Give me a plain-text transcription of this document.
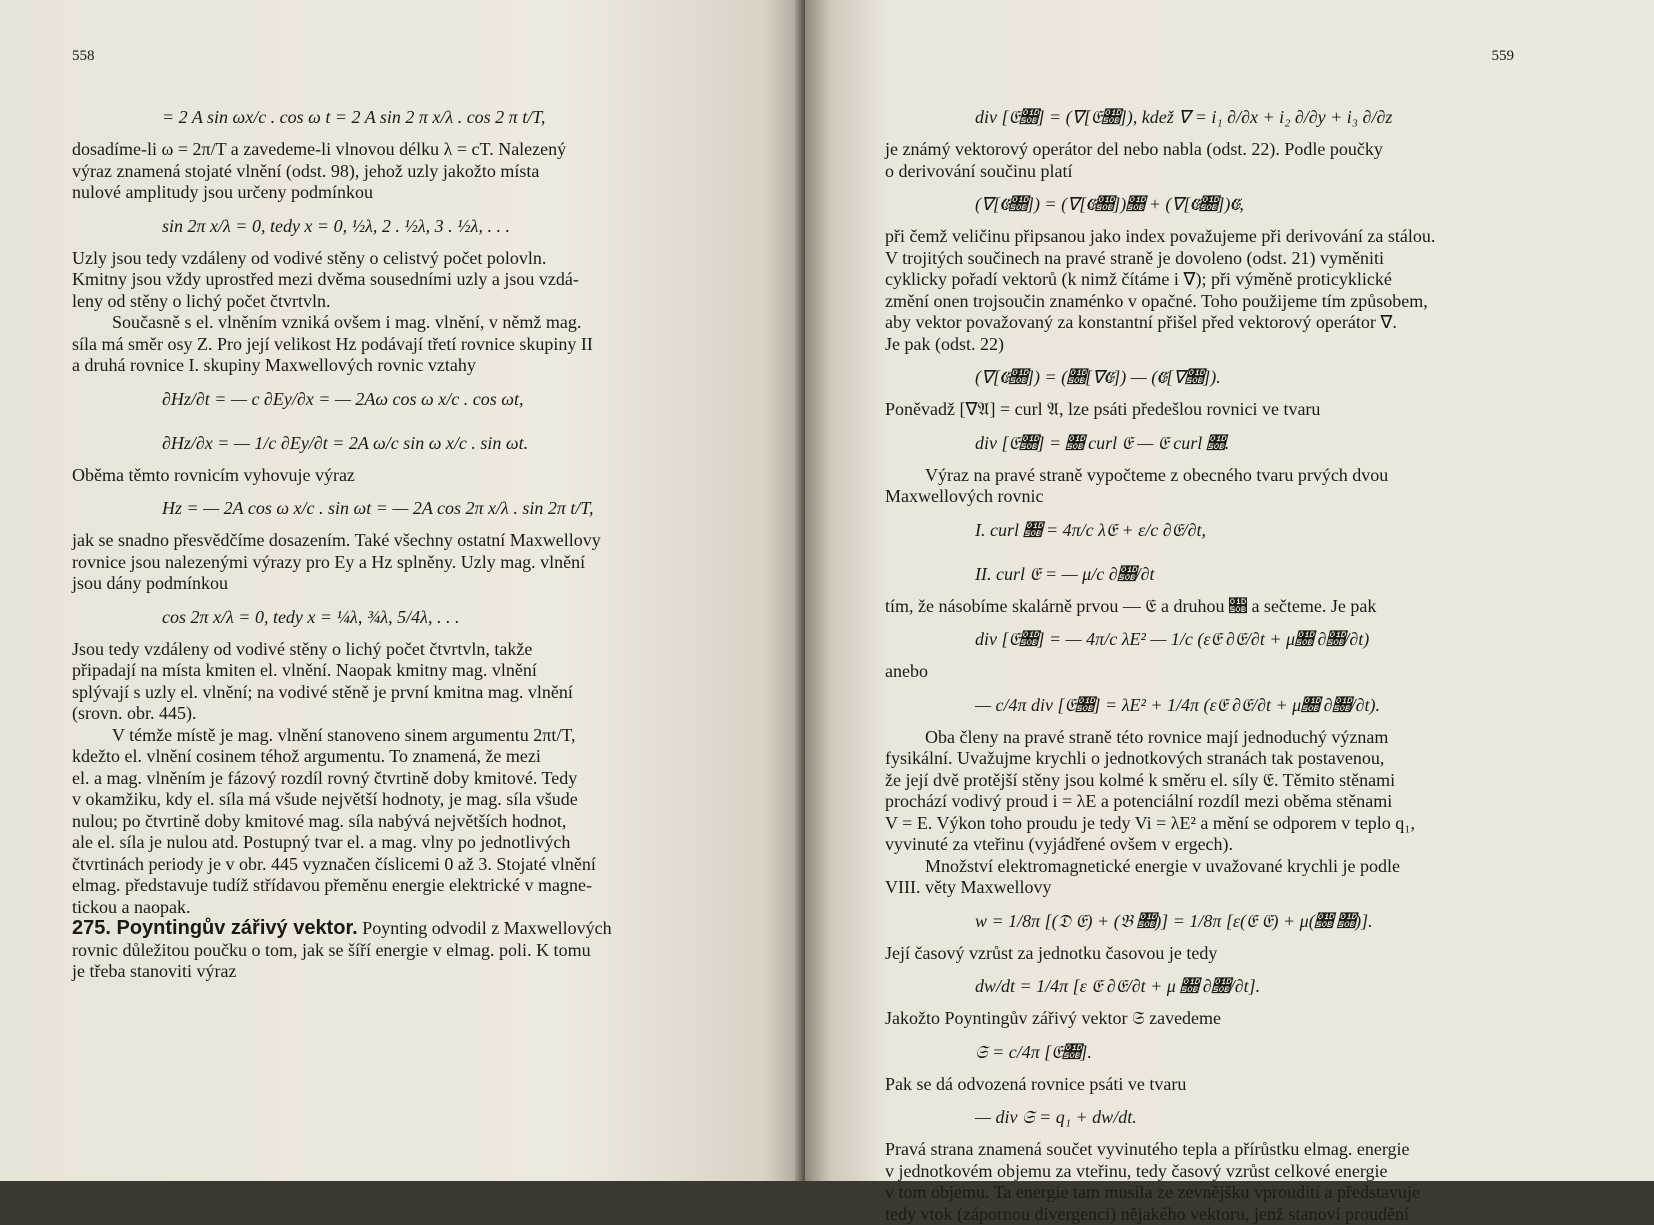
558
= 2 A sin ωx/c . cos ω t = 2 A sin 2 π x/λ . cos 2 π t/T,
dosadíme-li ω = 2π/T a zavedeme-li vlnovou délku λ = cT. Nalezený
výraz znamená stojaté vlnění (odst. 98), jehož uzly jakožto místa
nulové amplitudy jsou určeny podmínkou
sin 2π x/λ = 0, tedy x = 0, ½λ, 2 . ½λ, 3 . ½λ, . . .
Uzly jsou tedy vzdáleny od vodivé stěny o celistvý počet polovln.
Kmitny jsou vždy uprostřed mezi dvěma sousedními uzly a jsou vzdá-
leny od stěny o lichý počet čtvrtvln.
Současně s el. vlněním vzniká ovšem i mag. vlnění, v němž mag.
síla má směr osy Z. Pro její velikost Hz podávají třetí rovnice skupiny II
a druhá rovnice I. skupiny Maxwellových rovnic vztahy
∂Hz/∂t = — c ∂Ey/∂x = — 2Aω cos ω x/c . cos ωt,
∂Hz/∂x = — 1/c ∂Ey/∂t = 2A ω/c sin ω x/c . sin ωt.
Oběma těmto rovnicím vyhovuje výraz
Hz = — 2A cos ω x/c . sin ωt = — 2A cos 2π x/λ . sin 2π t/T,
jak se snadno přesvědčíme dosazením. Také všechny ostatní Maxwellovy
rovnice jsou nalezenými výrazy pro Ey a Hz splněny. Uzly mag. vlnění
jsou dány podmínkou
cos 2π x/λ = 0, tedy x = ¼λ, ¾λ, 5/4λ, . . .
Jsou tedy vzdáleny od vodivé stěny o lichý počet čtvrtvln, takže
připadají na místa kmiten el. vlnění. Naopak kmitny mag. vlnění
splývají s uzly el. vlnění; na vodivé stěně je první kmitna mag. vlnění
(srovn. obr. 445).
V témže místě je mag. vlnění stanoveno sinem argumentu 2πt/T,
kdežto el. vlnění cosinem téhož argumentu. To znamená, že mezi
el. a mag. vlněním je fázový rozdíl rovný čtvrtině doby kmitové. Tedy
v okamžiku, kdy el. síla má všude největší hodnoty, je mag. síla všude
nulou; po čtvrtině doby kmitové mag. síla nabývá největších hodnot,
ale el. síla je nulou atd. Postupný tvar el. a mag. vlny po jednotlivých
čtvrtinách periody je v obr. 445 vyznačen číslicemi 0 až 3. Stojaté vlnění
elmag. představuje tudíž střídavou přeměnu energie elektrické v magne-
tickou a naopak.
275. Poyntingův zářivý vektor. Poynting odvodil z Maxwellových
rovnic důležitou poučku o tom, jak se šíří energie v elmag. poli. K tomu
je třeba stanoviti výraz
559
div [𝔈𝔋] = (∇[𝔈𝔋]), kdež ∇ = i₁ ∂/∂x + i₂ ∂/∂y + i₃ ∂/∂z
je známý vektorový operátor del nebo nabla (odst. 22). Podle poučky
o derivování součinu platí
(∇[𝔈𝔋]) = (∇[𝔈𝔋])𝔋 + (∇[𝔈𝔋])𝔈,
při čemž veličinu připsanou jako index považujeme při derivování za stálou.
V trojitých součinech na pravé straně je dovoleno (odst. 21) vyměniti
cyklicky pořadí vektorů (k nimž čítáme i ∇); při výměně proticyklické
změní onen trojsoučin znaménko v opačné. Toho použijeme tím způsobem,
aby vektor považovaný za konstantní přišel před vektorový operátor ∇.
Je pak (odst. 22)
(∇[𝔈𝔋]) = (𝔋[∇𝔈]) — (𝔈[∇𝔋]).
Poněvadž [∇𝔄] = curl 𝔄, lze psáti předešlou rovnici ve tvaru
div [𝔈𝔋] = 𝔋 curl 𝔈 — 𝔈 curl 𝔋.
Výraz na pravé straně vypočteme z obecného tvaru prvých dvou
Maxwellových rovnic
I. curl 𝔋 = 4π/c λ𝔈 + ε/c ∂𝔈/∂t,
II. curl 𝔈 = — μ/c ∂𝔋/∂t
tím, že násobíme skalárně prvou — 𝔈 a druhou 𝔋 a sečteme. Je pak
div [𝔈𝔋] = — 4π/c λE² — 1/c (ε𝔈 ∂𝔈/∂t + μ𝔋 ∂𝔋/∂t)
anebo
— c/4π div [𝔈𝔋] = λE² + 1/4π (ε𝔈 ∂𝔈/∂t + μ𝔋 ∂𝔋/∂t).
Oba členy na pravé straně této rovnice mají jednoduchý význam
fysikální. Uvažujme krychli o jednotkových stranách tak postavenou,
že její dvě protější stěny jsou kolmé k směru el. síly 𝔈. Těmito stěnami
prochází vodivý proud i = λE a potenciální rozdíl mezi oběma stěnami
V = E. Výkon toho proudu je tedy Vi = λE² a mění se odporem v teplo q₁,
vyvinuté za vteřinu (vyjádřené ovšem v ergech).
Množství elektromagnetické energie v uvažované krychli je podle
VIII. věty Maxwellovy
w = 1/8π [(𝔇 𝔈) + (𝔅 𝔋)] = 1/8π [ε(𝔈 𝔈) + μ(𝔋 𝔋)].
Její časový vzrůst za jednotku časovou je tedy
dw/dt = 1/4π [ε 𝔈 ∂𝔈/∂t + μ 𝔋 ∂𝔋/∂t].
Jakožto Poyntingův zářivý vektor 𝔖 zavedeme
𝔖 = c/4π [𝔈𝔋].
Pak se dá odvozená rovnice psáti ve tvaru
— div 𝔖 = q₁ + dw/dt.
Pravá strana znamená součet vyvinutého tepla a přírůstku elmag. energie
v jednotkovém objemu za vteřinu, tedy časový vzrůst celkové energie
v tom objemu. Ta energie tam musila ze zevnějšku vproudití a představuje
tedy vtok (zápornou divergenci) nějakého vektoru, jenž stanoví proudění
